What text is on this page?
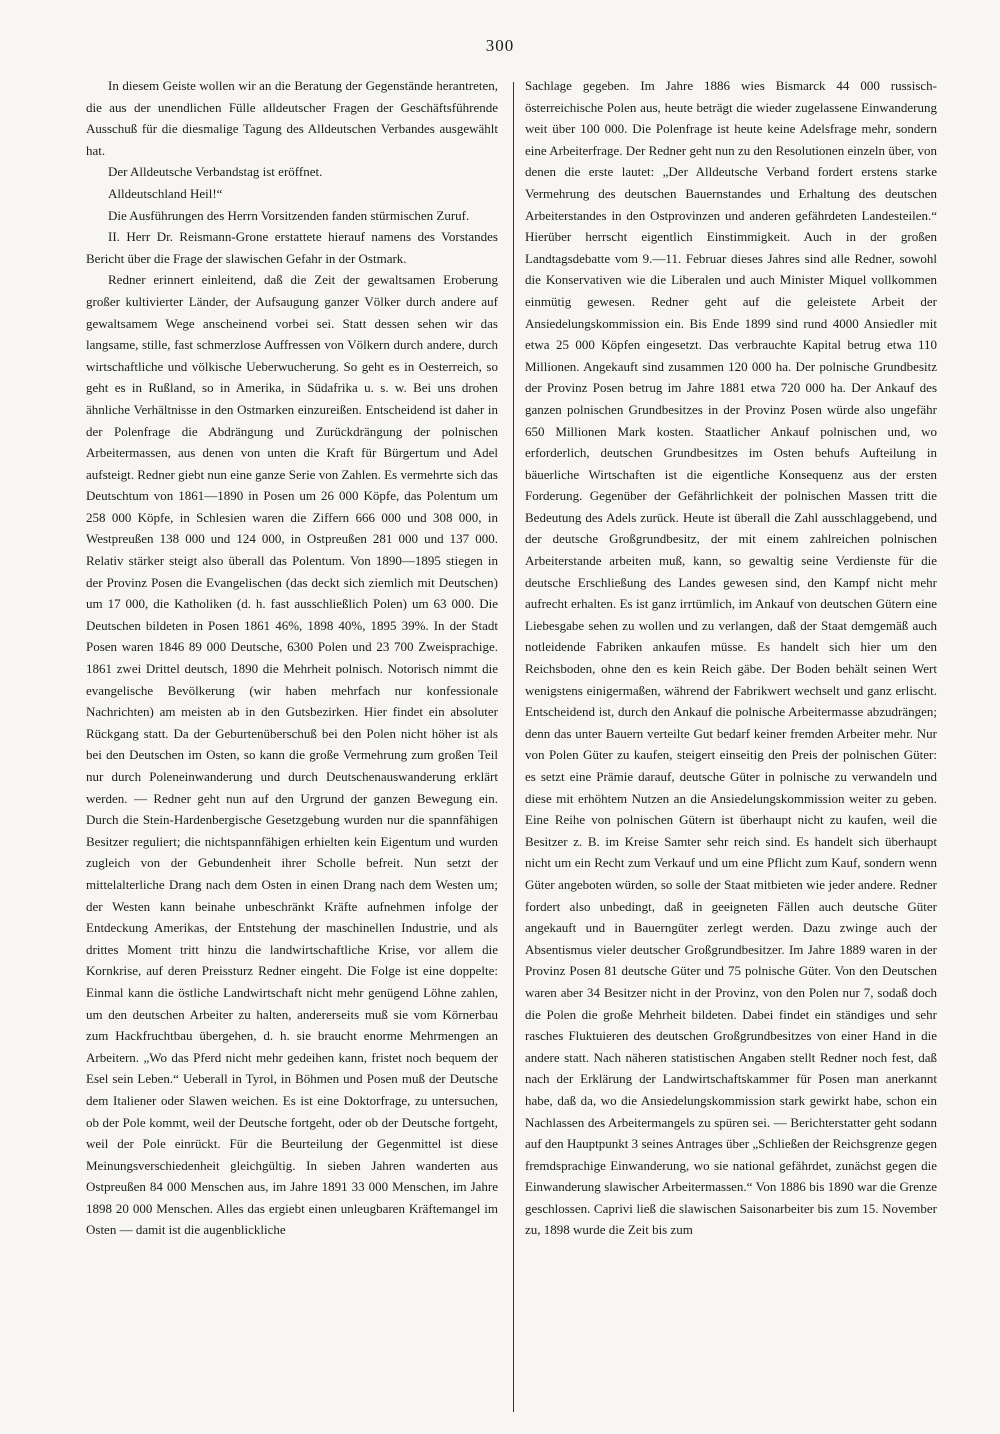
300

In diesem Geiste wollen wir an die Beratung der Gegenstände herantreten, die aus der unendlichen Fülle alldeutscher Fragen der Geschäftsführende Ausschuß für die diesmalige Tagung des Alldeutschen Verbandes ausgewählt hat.

Der Alldeutsche Verbandstag ist eröffnet.

Alldeutschland Heil!“

Die Ausführungen des Herrn Vorsitzenden fanden stürmischen Zuruf.

II. Herr Dr. Reismann-Grone erstattete hierauf namens des Vorstandes Bericht über die Frage der slawischen Gefahr in der Ostmark.

Redner erinnert einleitend, daß die Zeit der gewaltsamen Eroberung großer kultivierter Länder, der Aufsaugung ganzer Völker durch andere auf gewaltsamem Wege anscheinend vorbei sei. Statt dessen sehen wir das langsame, stille, fast schmerzlose Auffressen von Völkern durch andere, durch wirtschaftliche und völkische Ueberwucherung. So geht es in Oesterreich, so geht es in Rußland, so in Amerika, in Südafrika u. s. w. Bei uns drohen ähnliche Verhältnisse in den Ostmarken einzureißen. Entscheidend ist daher in der Polenfrage die Abdrängung und Zurückdrängung der polnischen Arbeitermassen, aus denen von unten die Kraft für Bürgertum und Adel aufsteigt. Redner giebt nun eine ganze Serie von Zahlen. Es vermehrte sich das Deutschtum von 1861—1890 in Posen um 26 000 Köpfe, das Polentum um 258 000 Köpfe, in Schlesien waren die Ziffern 666 000 und 308 000, in Westpreußen 138 000 und 124 000, in Ostpreußen 281 000 und 137 000. Relativ stärker steigt also überall das Polentum. Von 1890—1895 stiegen in der Provinz Posen die Evangelischen (das deckt sich ziemlich mit Deutschen) um 17 000, die Katholiken (d. h. fast ausschließlich Polen) um 63 000. Die Deutschen bildeten in Posen 1861 46%, 1898 40%, 1895 39%. In der Stadt Posen waren 1846 89 000 Deutsche, 6300 Polen und 23 700 Zweisprachige. 1861 zwei Drittel deutsch, 1890 die Mehrheit polnisch. Notorisch nimmt die evangelische Bevölkerung (wir haben mehrfach nur konfessionale Nachrichten) am meisten ab in den Gutsbezirken. Hier findet ein absoluter Rückgang statt. Da der Geburtenüberschuß bei den Polen nicht höher ist als bei den Deutschen im Osten, so kann die große Vermehrung zum großen Teil nur durch Poleneinwanderung und durch Deutschenauswanderung erklärt werden. — Redner geht nun auf den Urgrund der ganzen Bewegung ein. Durch die Stein-Hardenbergische Gesetzgebung wurden nur die spannfähigen Besitzer reguliert; die nichtspannfähigen erhielten kein Eigentum und wurden zugleich von der Gebundenheit ihrer Scholle befreit. Nun setzt der mittelalterliche Drang nach dem Osten in einen Drang nach dem Westen um; der Westen kann beinahe unbeschränkt Kräfte aufnehmen infolge der Entdeckung Amerikas, der Entstehung der maschinellen Industrie, und als drittes Moment tritt hinzu die landwirtschaftliche Krise, vor allem die Kornkrise, auf deren Preissturz Redner eingeht. Die Folge ist eine doppelte: Einmal kann die östliche Landwirtschaft nicht mehr genügend Löhne zahlen, um den deutschen Arbeiter zu halten, andererseits muß sie vom Körnerbau zum Hackfruchtbau übergehen, d. h. sie braucht enorme Mehrmengen an Arbeitern. „Wo das Pferd nicht mehr gedeihen kann, fristet noch bequem der Esel sein Leben.“ Ueberall in Tyrol, in Böhmen und Posen muß der Deutsche dem Italiener oder Slawen weichen. Es ist eine Doktorfrage, zu untersuchen, ob der Pole kommt, weil der Deutsche fortgeht, oder ob der Deutsche fortgeht, weil der Pole einrückt. Für die Beurteilung der Gegenmittel ist diese Meinungsverschiedenheit gleichgültig. In sieben Jahren wanderten aus Ostpreußen 84 000 Menschen aus, im Jahre 1891 33 000 Menschen, im Jahre 1898 20 000 Menschen. Alles das ergiebt einen unleugbaren Kräftemangel im Osten — damit ist die augenblickliche

Sachlage gegeben. Im Jahre 1886 wies Bismarck 44 000 russisch-österreichische Polen aus, heute beträgt die wieder zugelassene Einwanderung weit über 100 000. Die Polenfrage ist heute keine Adelsfrage mehr, sondern eine Arbeiterfrage. Der Redner geht nun zu den Resolutionen einzeln über, von denen die erste lautet: „Der Alldeutsche Verband fordert erstens starke Vermehrung des deutschen Bauernstandes und Erhaltung des deutschen Arbeiterstandes in den Ostprovinzen und anderen gefährdeten Landesteilen.“ Hierüber herrscht eigentlich Einstimmigkeit. Auch in der großen Landtagsdebatte vom 9.—11. Februar dieses Jahres sind alle Redner, sowohl die Konservativen wie die Liberalen und auch Minister Miquel vollkommen einmütig gewesen. Redner geht auf die geleistete Arbeit der Ansiedelungskommission ein. Bis Ende 1899 sind rund 4000 Ansiedler mit etwa 25 000 Köpfen eingesetzt. Das verbrauchte Kapital betrug etwa 110 Millionen. Angekauft sind zusammen 120 000 ha. Der polnische Grundbesitz der Provinz Posen betrug im Jahre 1881 etwa 720 000 ha. Der Ankauf des ganzen polnischen Grundbesitzes in der Provinz Posen würde also ungefähr 650 Millionen Mark kosten. Staatlicher Ankauf polnischen und, wo erforderlich, deutschen Grundbesitzes im Osten behufs Aufteilung in bäuerliche Wirtschaften ist die eigentliche Konsequenz aus der ersten Forderung. Gegenüber der Gefährlichkeit der polnischen Massen tritt die Bedeutung des Adels zurück. Heute ist überall die Zahl ausschlaggebend, und der deutsche Großgrundbesitz, der mit einem zahlreichen polnischen Arbeiterstande arbeiten muß, kann, so gewaltig seine Verdienste für die deutsche Erschließung des Landes gewesen sind, den Kampf nicht mehr aufrecht erhalten. Es ist ganz irrtümlich, im Ankauf von deutschen Gütern eine Liebesgabe sehen zu wollen und zu verlangen, daß der Staat demgemäß auch notleidende Fabriken ankaufen müsse. Es handelt sich hier um den Reichsboden, ohne den es kein Reich gäbe. Der Boden behält seinen Wert wenigstens einigermaßen, während der Fabrikwert wechselt und ganz erlischt. Entscheidend ist, durch den Ankauf die polnische Arbeitermasse abzudrängen; denn das unter Bauern verteilte Gut bedarf keiner fremden Arbeiter mehr. Nur von Polen Güter zu kaufen, steigert einseitig den Preis der polnischen Güter: es setzt eine Prämie darauf, deutsche Güter in polnische zu verwandeln und diese mit erhöhtem Nutzen an die Ansiedelungskommission weiter zu geben. Eine Reihe von polnischen Gütern ist überhaupt nicht zu kaufen, weil die Besitzer z. B. im Kreise Samter sehr reich sind. Es handelt sich überhaupt nicht um ein Recht zum Verkauf und um eine Pflicht zum Kauf, sondern wenn Güter angeboten würden, so solle der Staat mitbieten wie jeder andere. Redner fordert also unbedingt, daß in geeigneten Fällen auch deutsche Güter angekauft und in Bauerngüter zerlegt werden. Dazu zwinge auch der Absentismus vieler deutscher Großgrundbesitzer. Im Jahre 1889 waren in der Provinz Posen 81 deutsche Güter und 75 polnische Güter. Von den Deutschen waren aber 34 Besitzer nicht in der Provinz, von den Polen nur 7, sodaß doch die Polen die große Mehrheit bildeten. Dabei findet ein ständiges und sehr rasches Fluktuieren des deutschen Großgrundbesitzes von einer Hand in die andere statt. Nach näheren statistischen Angaben stellt Redner noch fest, daß nach der Erklärung der Landwirtschaftskammer für Posen man anerkannt habe, daß da, wo die Ansiedelungskommission stark gewirkt habe, schon ein Nachlassen des Arbeitermangels zu spüren sei. — Berichterstatter geht sodann auf den Hauptpunkt 3 seines Antrages über „Schließen der Reichsgrenze gegen fremdsprachige Einwanderung, wo sie national gefährdet, zunächst gegen die Einwanderung slawischer Arbeitermassen.“ Von 1886 bis 1890 war die Grenze geschlossen. Caprivi ließ die slawischen Saisonarbeiter bis zum 15. November zu, 1898 wurde die Zeit bis zum
